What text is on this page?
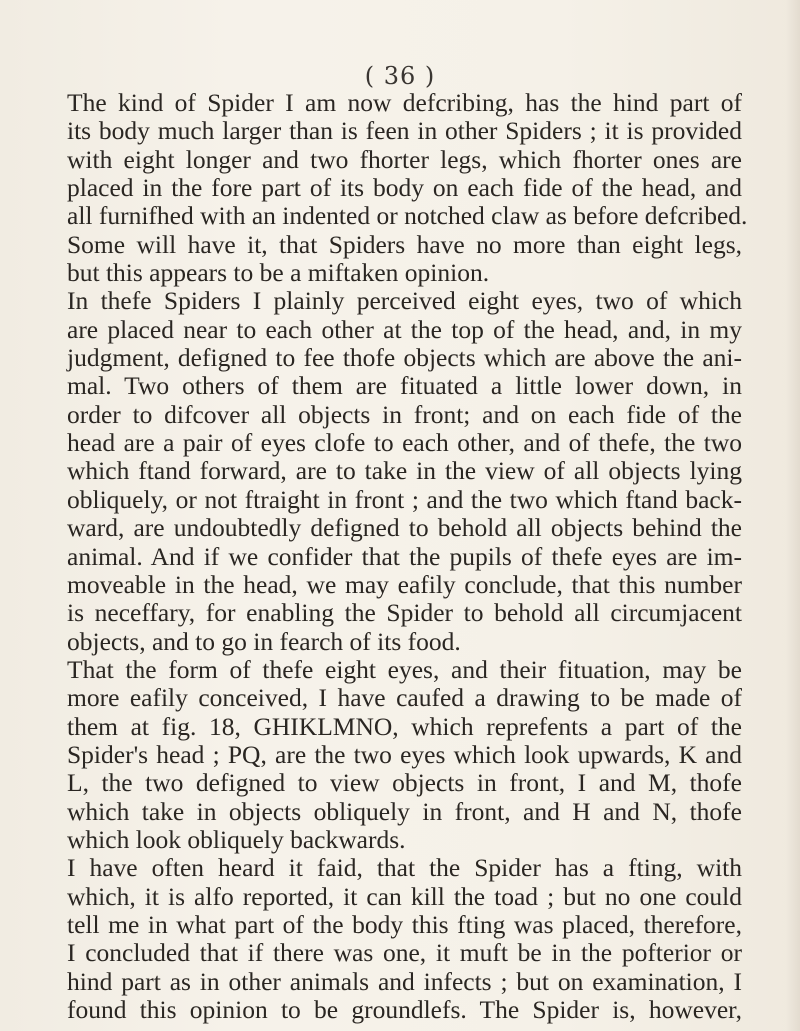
( 36 )
The kind of Spider I am now defcribing, has the hind part of
its body much larger than is feen in other Spiders ; it is provided
with eight longer and two fhorter legs, which fhorter ones are
placed in the fore part of its body on each fide of the head, and
all furnifhed with an indented or notched claw as before defcribed.
Some will have it, that Spiders have no more than eight legs,
but this appears to be a miftaken opinion.
In thefe Spiders I plainly perceived eight eyes, two of which
are placed near to each other at the top of the head, and, in my
judgment, defigned to fee thofe objects which are above the ani-
mal. Two others of them are fituated a little lower down, in
order to difcover all objects in front; and on each fide of the
head are a pair of eyes clofe to each other, and of thefe, the two
which ftand forward, are to take in the view of all objects lying
obliquely, or not ftraight in front ; and the two which ftand back-
ward, are undoubtedly defigned to behold all objects behind the
animal. And if we confider that the pupils of thefe eyes are im-
moveable in the head, we may eafily conclude, that this number
is neceffary, for enabling the Spider to behold all circumjacent
objects, and to go in fearch of its food.
That the form of thefe eight eyes, and their fituation, may be
more eafily conceived, I have caufed a drawing to be made of
them at fig. 18, GHIKLMNO, which reprefents a part of the
Spider's head ; PQ, are the two eyes which look upwards, K and
L, the two defigned to view objects in front, I and M, thofe
which take in objects obliquely in front, and H and N, thofe
which look obliquely backwards.
I have often heard it faid, that the Spider has a fting, with
which, it is alfo reported, it can kill the toad ; but no one could
tell me in what part of the body this fting was placed, therefore,
I concluded that if there was one, it muft be in the pofterior or
hind part as in other animals and infects ; but on examination, I
found this opinion to be groundlefs. The Spider is, however,
